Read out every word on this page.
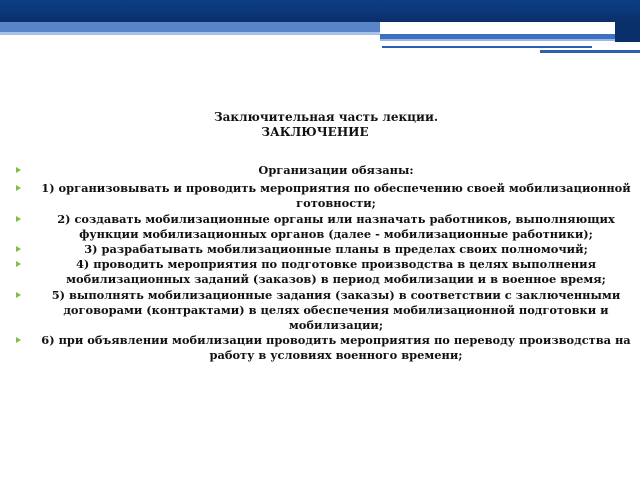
Заключительная часть лекции.
ЗАКЛЮЧЕНИЕ

Организации обязаны:

1) организовывать и проводить мероприятия по обеспечению своей мобилизационной готовности;

2) создавать мобилизационные органы или назначать работников, выполняющих функции мобилизационных органов (далее - мобилизационные работники);

3) разрабатывать мобилизационные планы в пределах своих полномочий;

4) проводить мероприятия по подготовке производства в целях выполнения мобилизационных заданий (заказов) в период мобилизации и в военное время;

5) выполнять мобилизационные задания (заказы) в соответствии с заключенными договорами (контрактами) в целях обеспечения мобилизационной подготовки и мобилизации;

6) при объявлении мобилизации проводить мероприятия по переводу производства на работу в условиях военного времени;
